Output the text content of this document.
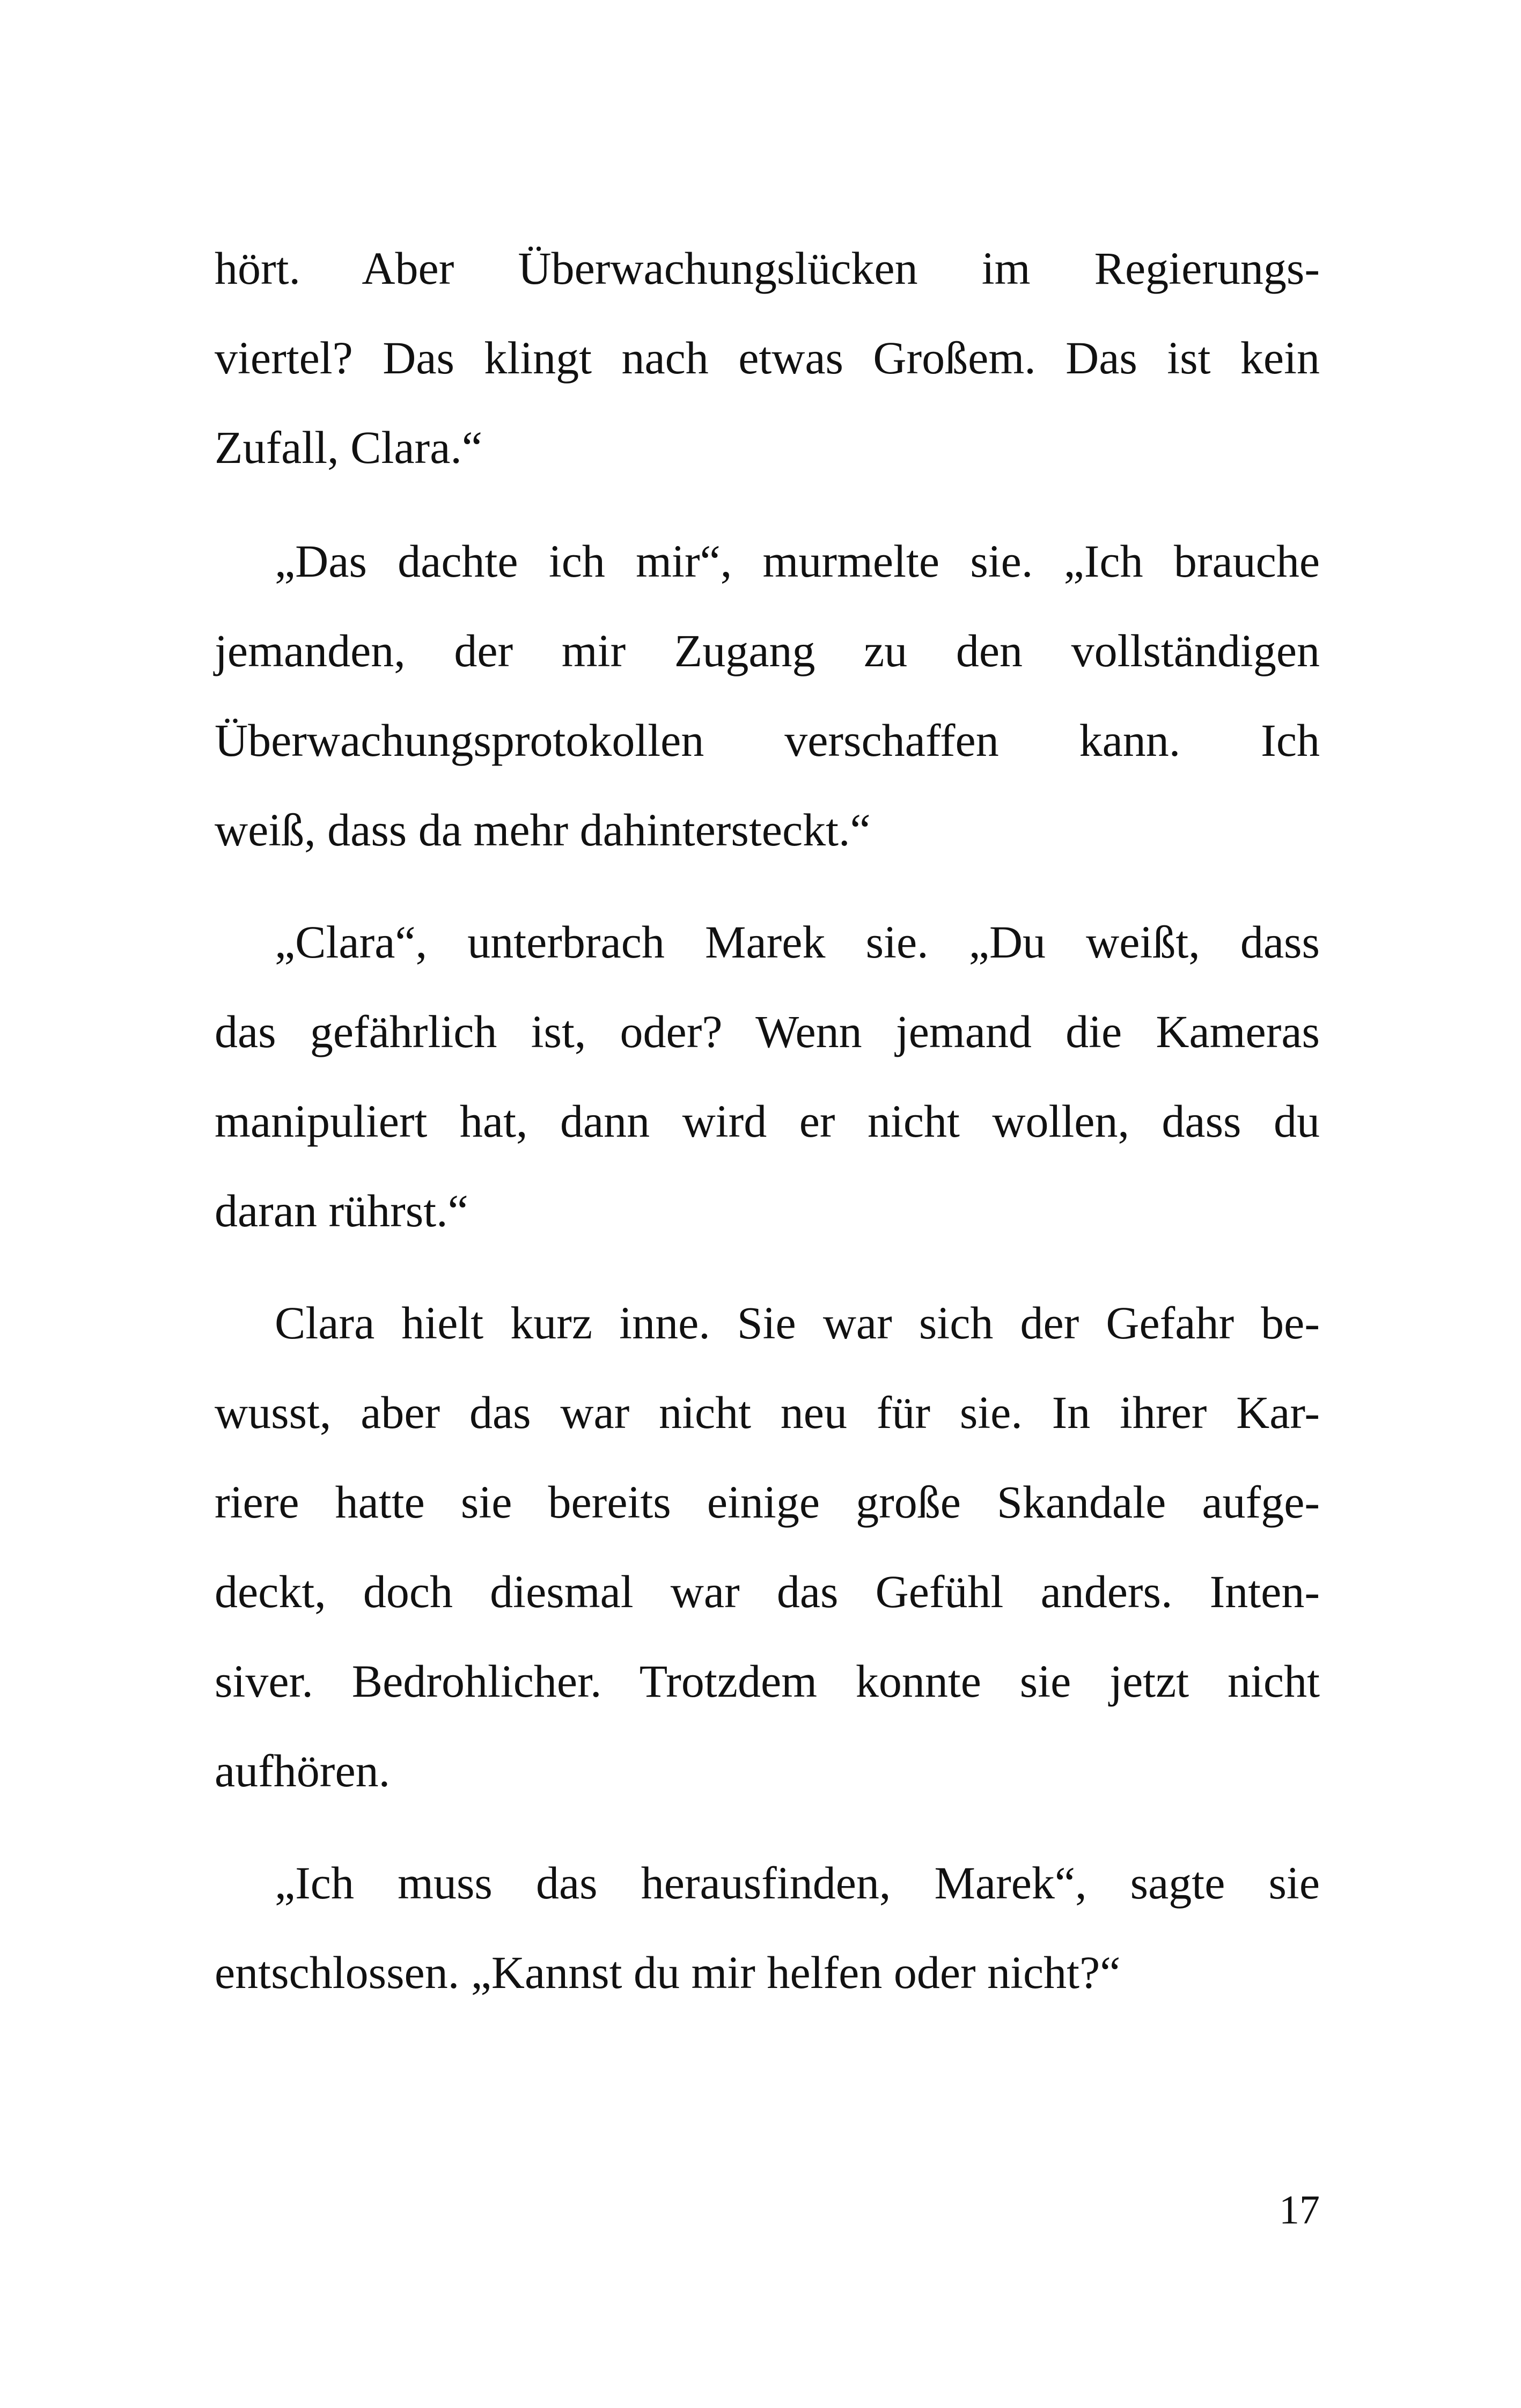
hört. Aber Überwachungslücken im Regierungs-
viertel? Das klingt nach etwas Großem. Das ist kein
Zufall, Clara.“
„Das dachte ich mir“, murmelte sie. „Ich brauche
jemanden, der mir Zugang zu den vollständigen
Überwachungsprotokollen verschaffen kann. Ich
weiß, dass da mehr dahintersteckt.“
„Clara“, unterbrach Marek sie. „Du weißt, dass
das gefährlich ist, oder? Wenn jemand die Kameras
manipuliert hat, dann wird er nicht wollen, dass du
daran rührst.“
Clara hielt kurz inne. Sie war sich der Gefahr be-
wusst, aber das war nicht neu für sie. In ihrer Kar-
riere hatte sie bereits einige große Skandale aufge-
deckt, doch diesmal war das Gefühl anders. Inten-
siver. Bedrohlicher. Trotzdem konnte sie jetzt nicht
aufhören.
„Ich muss das herausfinden, Marek“, sagte sie
entschlossen. „Kannst du mir helfen oder nicht?“
17
